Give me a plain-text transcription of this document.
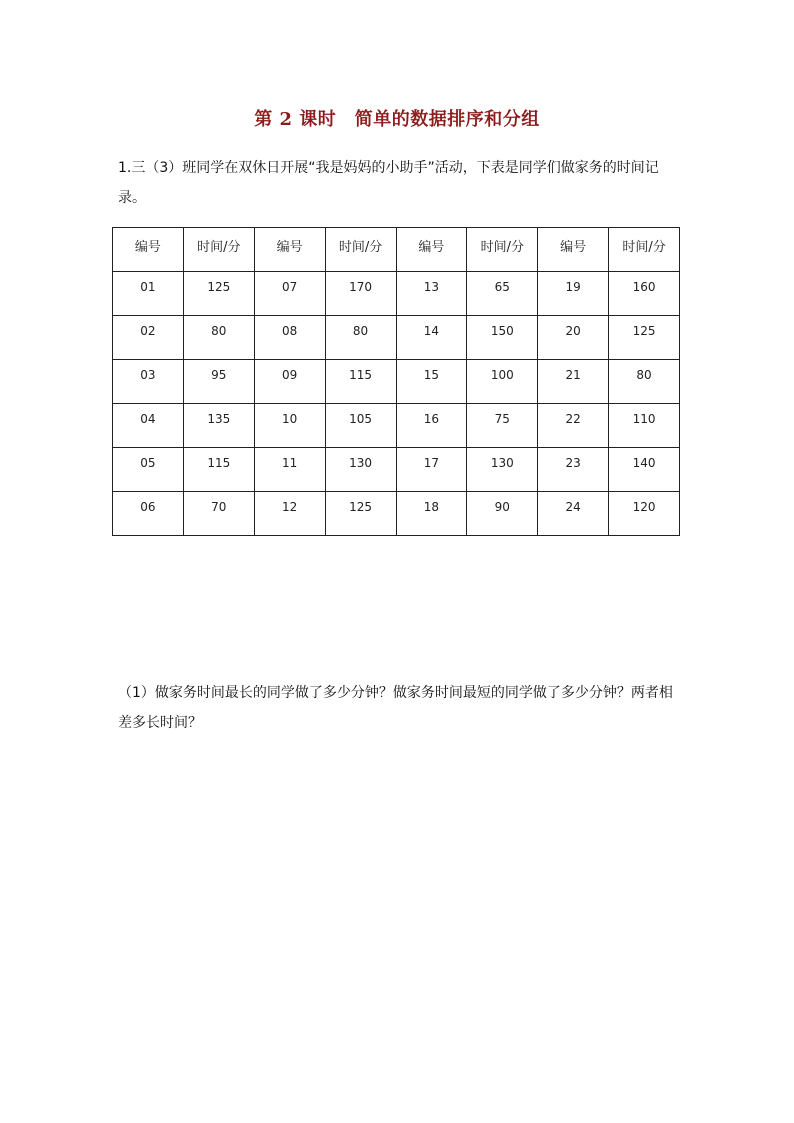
第 2 课时　简单的数据排序和分组
1.三（3）班同学在双休日开展“我是妈妈的小助手”活动，下表是同学们做家务的时间记录。
编号	时间/分	编号	时间/分	编号	时间/分	编号	时间/分
01	125	07	170	13	65	19	160
02	80	08	80	14	150	20	125
03	95	09	115	15	100	21	80
04	135	10	105	16	75	22	110
05	115	11	130	17	130	23	140
06	70	12	125	18	90	24	120
（1）做家务时间最长的同学做了多少分钟？做家务时间最短的同学做了多少分钟？两者相差多长时间？
